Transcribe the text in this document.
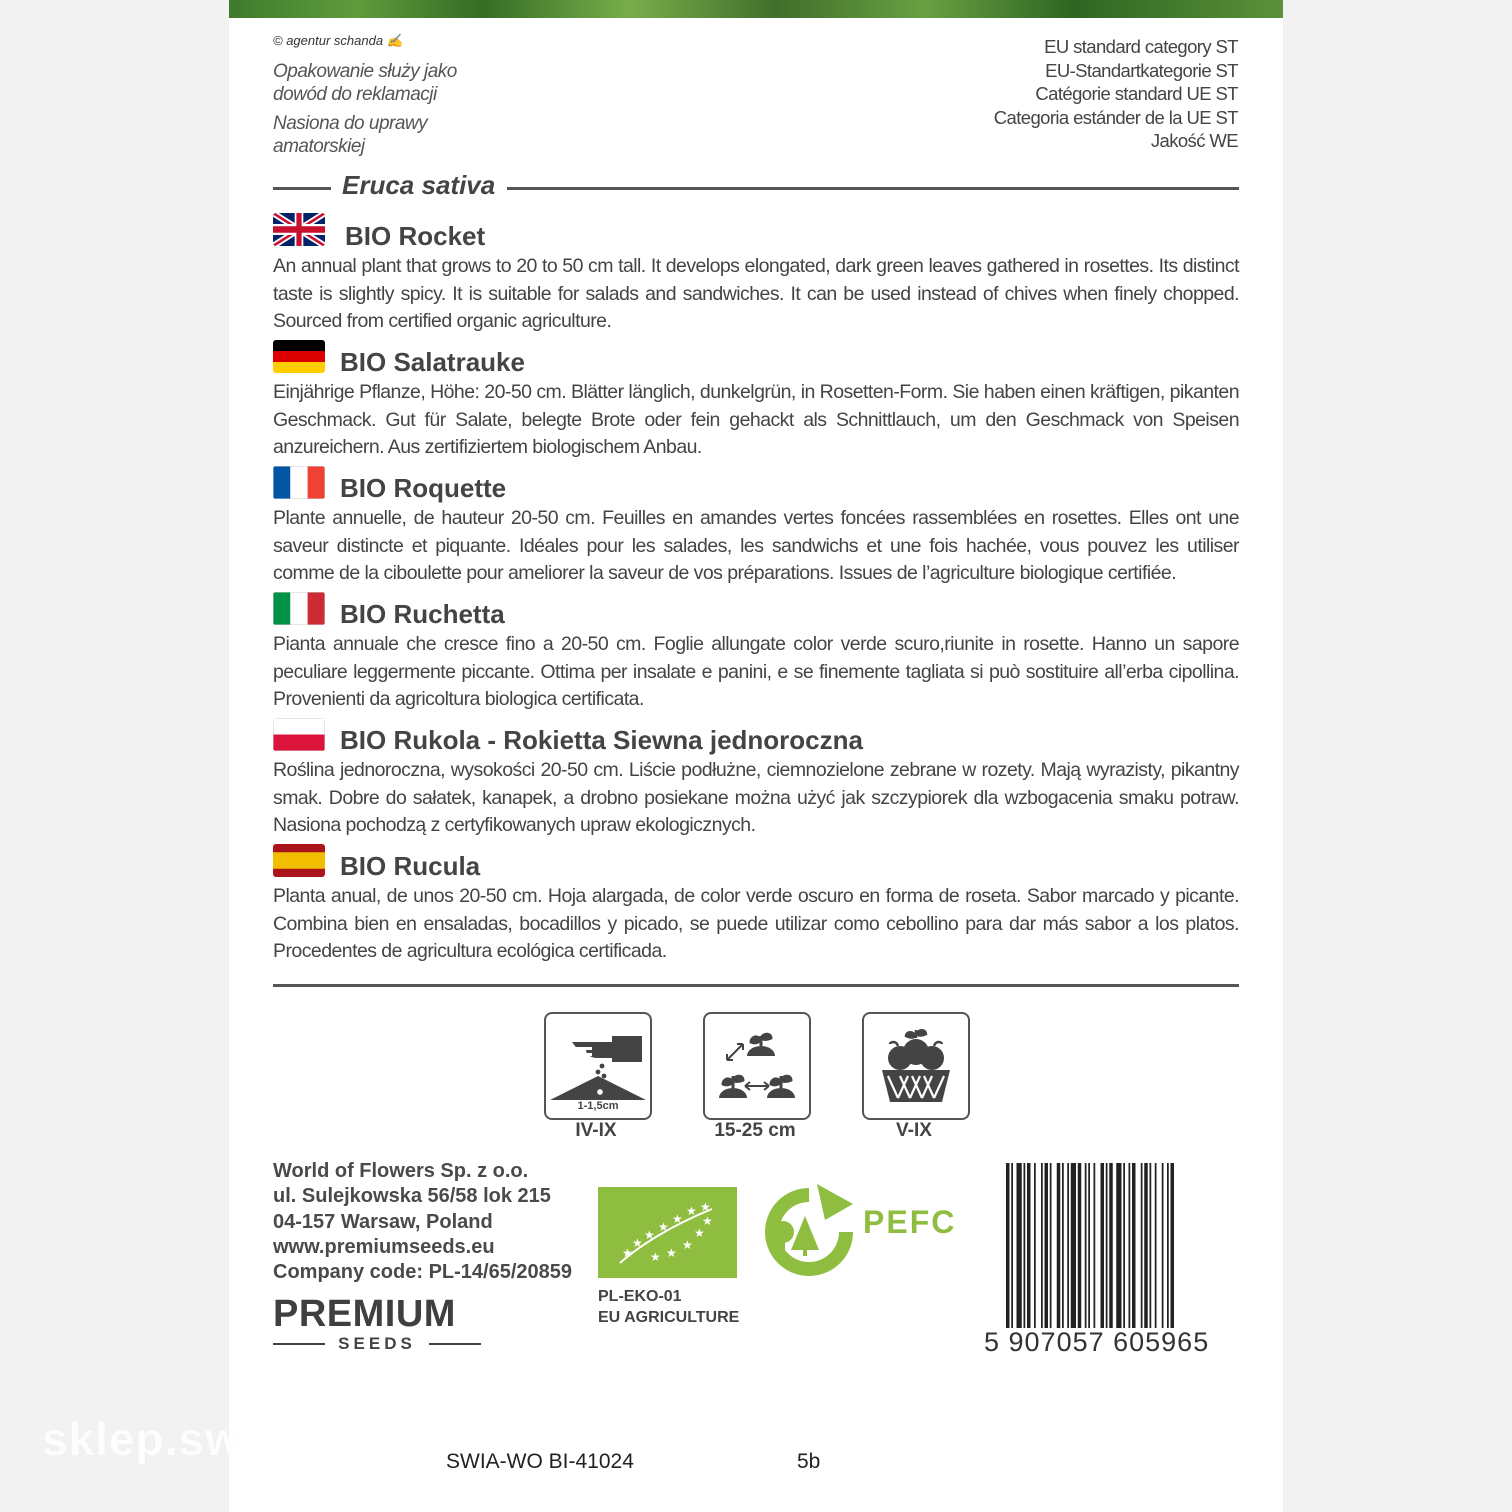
© agentur schanda ✍
Opakowanie służy jako
dowód do reklamacji
Nasiona do uprawy
amatorskiej
EU standard category ST
EU-Standartkategorie ST
Catégorie standard UE ST
Categoria estánder de la UE ST
Jakość WE
Eruca sativa
BIO Rocket
An annual plant that grows to 20 to 50 cm tall. It develops elongated, dark green leaves gathered in rosettes. Its distinct taste is slightly spicy. It is suitable for salads and sandwiches. It can be used instead of chives when finely chopped. Sourced from certified organic agriculture.
BIO Salatrauke
Einjährige Pflanze, Höhe: 20-50 cm. Blätter länglich, dunkelgrün, in Rosetten-Form. Sie haben einen kräftigen, pikanten Geschmack. Gut für Salate, belegte Brote oder fein gehackt als Schnittlauch, um den Geschmack von Speisen anzureichern. Aus zertifiziertem biologischem Anbau.
BIO Roquette
Plante annuelle, de hauteur 20-50 cm. Feuilles en amandes vertes foncées rassemblées en rosettes. Elles ont une saveur distincte et piquante. Idéales pour les salades, les sandwichs et une fois hachée, vous pouvez les utiliser comme de la ciboulette pour ameliorer la saveur de vos préparations. Issues de l’agriculture biologique certifiée.
BIO Ruchetta
Pianta annuale che cresce fino a 20-50 cm. Foglie allungate color verde scuro,riunite in rosette. Hanno un sapore peculiare leggermente piccante. Ottima per insalate e panini, e se finemente tagliata si può sostituire all’erba cipollina. Provenienti da agricoltura biologica certificata.
BIO Rukola - Rokietta Siewna jednoroczna
Roślina jednoroczna, wysokości 20-50 cm. Liście podłużne, ciemnozielone zebrane w rozety. Mają wyrazisty, pikantny smak. Dobre do sałatek, kanapek, a drobno posiekane można użyć jak szczypiorek dla wzbogacenia smaku potraw. Nasiona pochodzą z certyfikowanych upraw ekologicznych.
BIO Rucula
Planta anual, de unos 20-50 cm. Hoja alargada, de color verde oscuro en forma de roseta. Sabor marcado y picante. Combina bien en ensaladas, bocadillos y picado, se puede utilizar como cebollino para dar más sabor a los platos. Procedentes de agricultura ecológica certificada.
1-1,5cm
IV-IX	15-25 cm	V-IX
World of Flowers Sp. z o.o.
ul. Sulejkowska 56/58 lok 215
04-157 Warsaw, Poland
www.premiumseeds.eu
Company code: PL-14/65/20859
PREMIUM
SEEDS
★
★
★
★
★
★ ★
★ ★
★
★
★
PL-EKO-01
EU AGRICULTURE
PEFC
5 907057 605965
SWIA-WO BI-41024	5b
sklep.sw
